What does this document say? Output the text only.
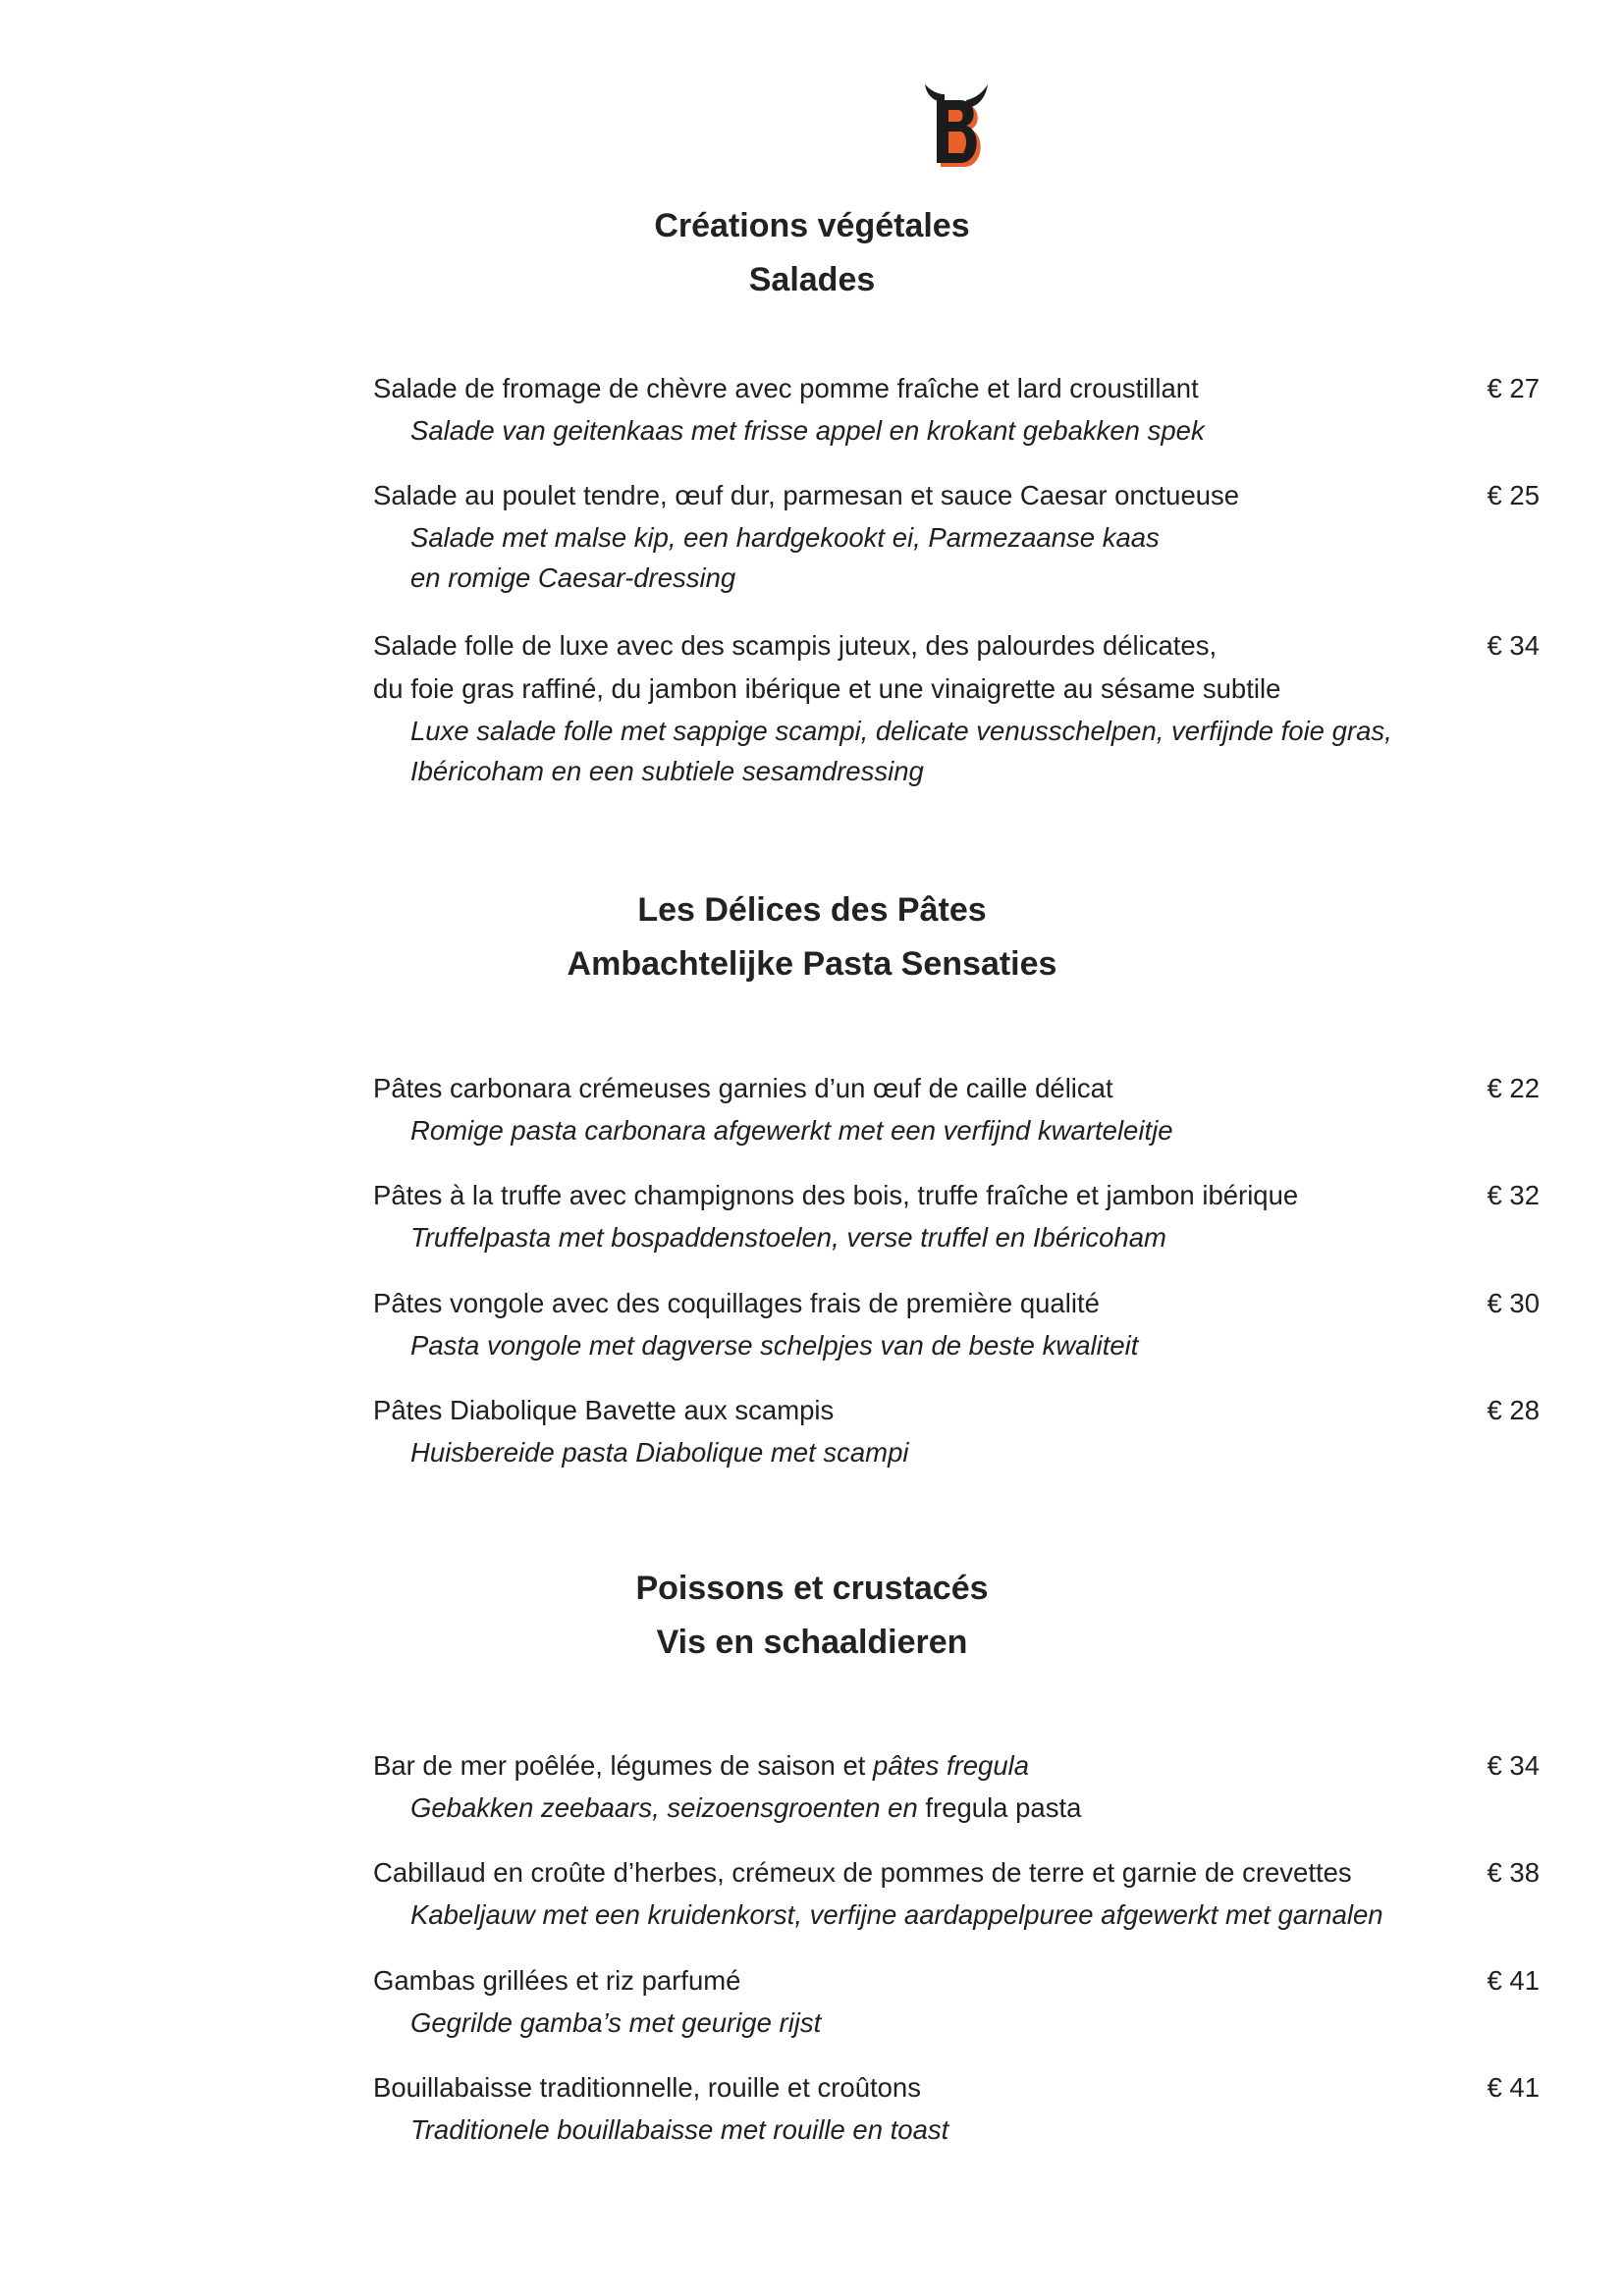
Créations végétales
Salades
Salade de fromage de chèvre avec pomme fraîche et lard croustillant
Salade van geitenkaas met frisse appel en krokant gebakken spek
€ 27
Salade au poulet tendre, œuf dur, parmesan et sauce Caesar onctueuse
Salade met malse kip, een hardgekookt ei, Parmezaanse kaas
en romige Caesar-dressing
€ 25
Salade folle de luxe avec des scampis juteux, des palourdes délicates,
du foie gras raffiné, du jambon ibérique et une vinaigrette au sésame subtile
Luxe salade folle met sappige scampi, delicate venusschelpen, verfijnde foie gras,
Ibéricoham en een subtiele sesamdressing
€ 34
Les Délices des Pâtes
Ambachtelijke Pasta Sensaties
Pâtes carbonara crémeuses garnies d’un œuf de caille délicat
Romige pasta carbonara afgewerkt met een verfijnd kwarteleitje
€ 22
Pâtes à la truffe avec champignons des bois, truffe fraîche et jambon ibérique
Truffelpasta met bospaddenstoelen, verse truffel en Ibéricoham
€ 32
Pâtes vongole avec des coquillages frais de première qualité
Pasta vongole met dagverse schelpjes van de beste kwaliteit
€ 30
Pâtes Diabolique Bavette aux scampis
Huisbereide pasta Diabolique met scampi
€ 28
Poissons et crustacés
Vis en schaaldieren
Bar de mer poêlée, légumes de saison et pâtes fregula
Gebakken zeebaars, seizoensgroenten en fregula pasta
€ 34
Cabillaud en croûte d’herbes, crémeux de pommes de terre et garnie de crevettes
Kabeljauw met een kruidenkorst, verfijne aardappelpuree afgewerkt met garnalen
€ 38
Gambas grillées et riz parfumé
Gegrilde gamba’s met geurige rijst
€ 41
Bouillabaisse traditionnelle, rouille et croûtons
Traditionele bouillabaisse met rouille en toast
€ 41
